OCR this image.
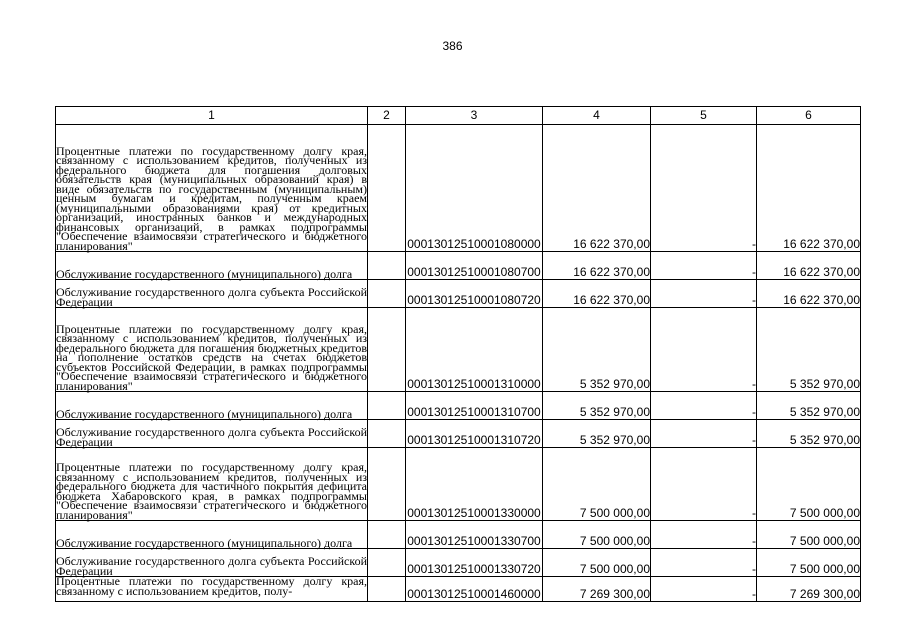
386
1	2	3	4	5	6
Процентные платежи по государственному долгу края, связанному с использованием кредитов, полученных из федерального бюджета для погашения долговых обязательств края (муниципальных образований края) в виде обязательств по государственным (муниципальным) ценным бумагам и кредитам, полученным краем (муниципальными образованиями края) от кредитных организаций, иностранных банков и международных финансовых организаций, в рамках подпрограммы "Обеспечение взаимосвязи стратегического и бюджетного планирования"		00013012510001080000	16 622 370,00	-	16 622 370,00
Обслуживание государственного (муниципального) долга		00013012510001080700	16 622 370,00	-	16 622 370,00
Обслуживание государственного долга субъекта Российской Федерации		00013012510001080720	16 622 370,00	-	16 622 370,00
Процентные платежи по государственному долгу края, связанному с использованием кредитов, полученных из федерального бюджета для погашения бюджетных кредитов на пополнение остатков средств на счетах бюджетов субъектов Российской Федерации, в рамках подпрограммы "Обеспечение взаимосвязи стратегического и бюджетного планирования"		00013012510001310000	5 352 970,00	-	5 352 970,00
Обслуживание государственного (муниципального) долга		00013012510001310700	5 352 970,00	-	5 352 970,00
Обслуживание государственного долга субъекта Российской Федерации		00013012510001310720	5 352 970,00	-	5 352 970,00
Процентные платежи по государственному долгу края, связанному с использованием кредитов, полученных из федерального бюджета для частичного покрытия дефицита бюджета Хабаровского края, в рамках подпрограммы "Обеспечение взаимосвязи стратегического и бюджетного планирования"		00013012510001330000	7 500 000,00	-	7 500 000,00
Обслуживание государственного (муниципального) долга		00013012510001330700	7 500 000,00	-	7 500 000,00
Обслуживание государственного долга субъекта Российской Федерации		00013012510001330720	7 500 000,00	-	7 500 000,00
Процентные платежи по государственному долгу края, связанному с использованием кредитов, полу-		00013012510001460000	7 269 300,00	-	7 269 300,00
